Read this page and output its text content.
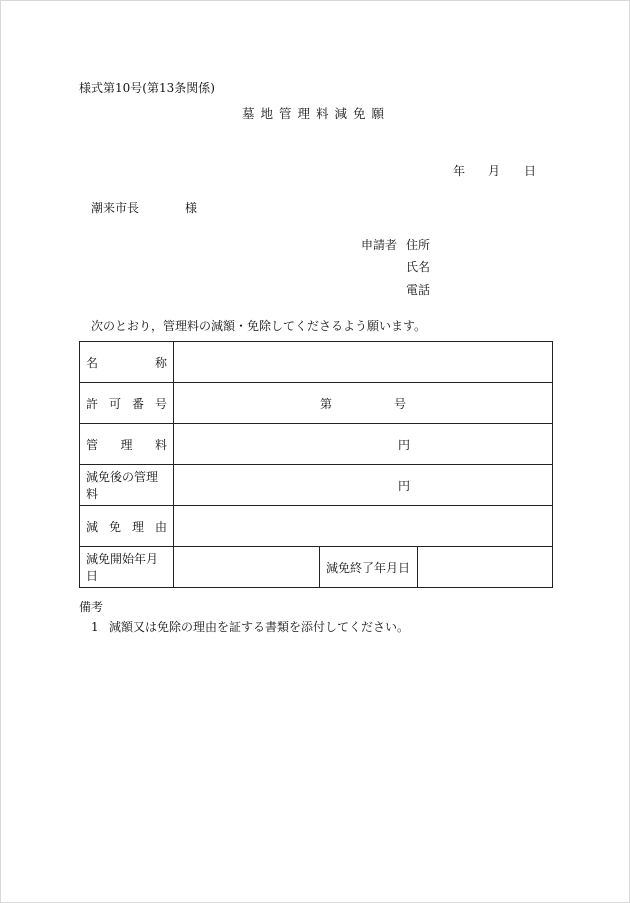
様式第10号(第13条関係)
墓地管理料減免願
年 月 日
潮来市長	様
申請者 住所
氏名
電話
次のとおり，管理料の減額・免除してくださるよう願います。
名 称			

許 可 番 号	第 号		

管 理 料	円		
減免後の管理料	円		

減 免 理 由			

減免開始年月日		減免終了年月日	
備考
1 減額又は免除の理由を証する書類を添付してください。
